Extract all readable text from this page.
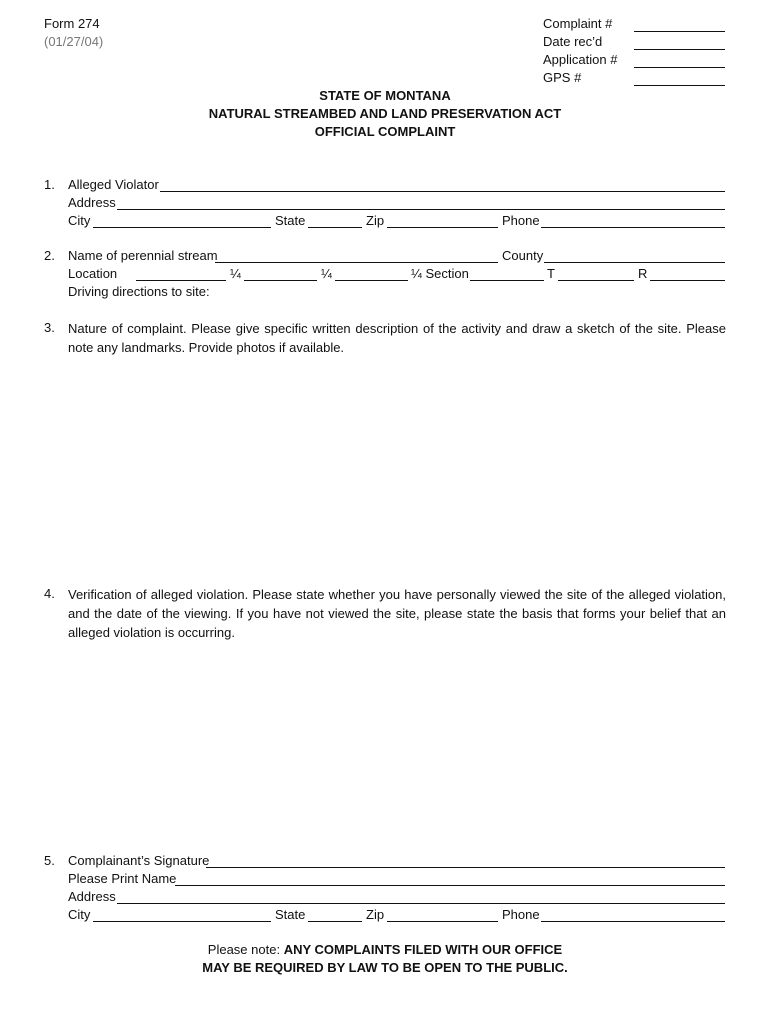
Form 274
(01/27/04)
Complaint #
Date rec’d
Application #
GPS #
STATE OF MONTANA
NATURAL STREAMBED AND LAND PRESERVATION ACT
OFFICIAL COMPLAINT
1. Alleged Violator
Address
City	State	Zip	Phone
2. Name of perennial stream	County
Location	¼	¼	¼ Section	T	R
Driving directions to site:
3. Nature of complaint. Please give specific written description of the activity and draw a sketch of the site. Please note any landmarks. Provide photos if available.
4. Verification of alleged violation. Please state whether you have personally viewed the site of the alleged violation, and the date of the viewing. If you have not viewed the site, please state the basis that forms your belief that an alleged violation is occurring.
5. Complainant’s Signature
Please Print Name
Address
City	State	Zip	Phone
Please note: ANY COMPLAINTS FILED WITH OUR OFFICE
MAY BE REQUIRED BY LAW TO BE OPEN TO THE PUBLIC.
